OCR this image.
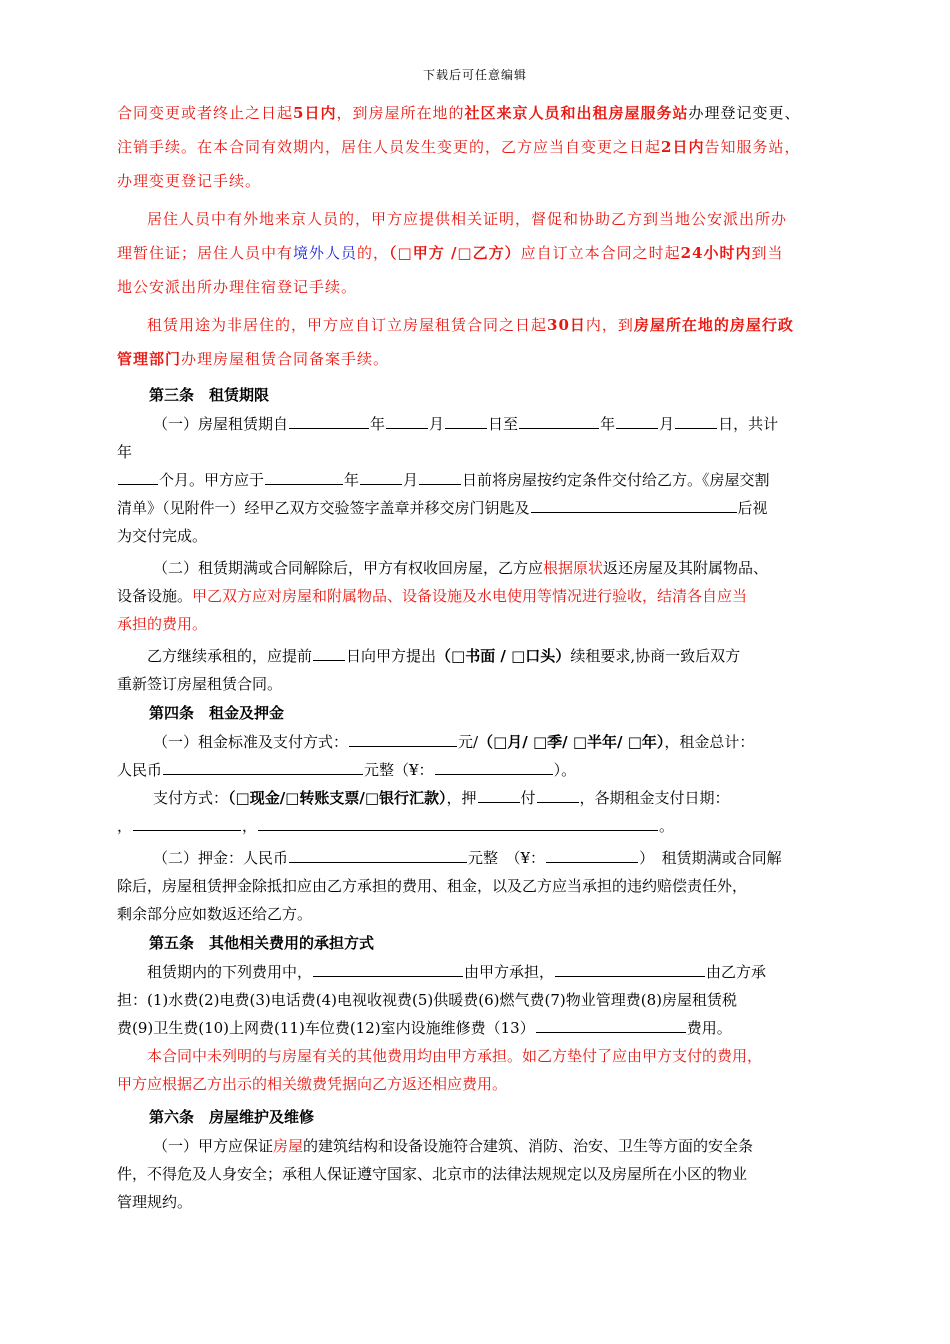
下载后可任意编辑

合同变更或者终止之日起5日内，到房屋所在地的社区来京人员和出租房屋服务站办理登记变更、

注销手续。在本合同有效期内，居住人员发生变更的，乙方应当自变更之日起2日内告知服务站，

办理变更登记手续。

居住人员中有外地来京人员的，甲方应提供相关证明，督促和协助乙方到当地公安派出所办

理暂住证；居住人员中有境外人员的，（□甲方 /□乙方）应自订立本合同之时起24小时内到当

地公安派出所办理住宿登记手续。

租赁用途为非居住的，甲方应自订立房屋租赁合同之日起30日内，到房屋所在地的房屋行政

管理部门办理房屋租赁合同备案手续。

第三条　租赁期限

（一）房屋租赁期自	年	月	日至	年	月	日，共计

年

个月。甲方应于	年	月	日前将房屋按约定条件交付给乙方。《房屋交割

清单》（见附件一）经甲乙双方交验签字盖章并移交房门钥匙及	后视

为交付完成。

（二）租赁期满或合同解除后，甲方有权收回房屋，乙方应根据原状返还房屋及其附属物品、

设备设施。甲乙双方应对房屋和附属物品、设备设施及水电使用等情况进行验收，结清各自应当

承担的费用。

乙方继续承租的，应提前 日向甲方提出（□书面 / □口头）续租要求,协商一致后双方

重新签订房屋租赁合同。

第四条　租金及押金

（一）租金标准及支付方式：	元/（□月/ □季/ □半年/ □年），租金总计：

人民币	元整（¥：	）。

支付方式：（□现金/□转账支票/□银行汇款），押	付	，各期租金支付日期：

，	，	。

（二）押金：人民币	元整　（¥：	）　租赁期满或合同解

除后，房屋租赁押金除抵扣应由乙方承担的费用、租金，以及乙方应当承担的违约赔偿责任外，

剩余部分应如数返还给乙方。

第五条　其他相关费用的承担方式

租赁期内的下列费用中，	由甲方承担，	由乙方承

担：(1)水费(2)电费(3)电话费(4)电视收视费(5)供暖费(6)燃气费(7)物业管理费(8)房屋租赁税

费(9)卫生费(10)上网费(11)车位费(12)室内设施维修费（13）	费用。

本合同中未列明的与房屋有关的其他费用均由甲方承担。如乙方垫付了应由甲方支付的费用，

甲方应根据乙方出示的相关缴费凭据向乙方返还相应费用。

第六条　房屋维护及维修

（一）甲方应保证房屋的建筑结构和设备设施符合建筑、消防、治安、卫生等方面的安全条

件，不得危及人身安全；承租人保证遵守国家、北京市的法律法规规定以及房屋所在小区的物业

管理规约。
